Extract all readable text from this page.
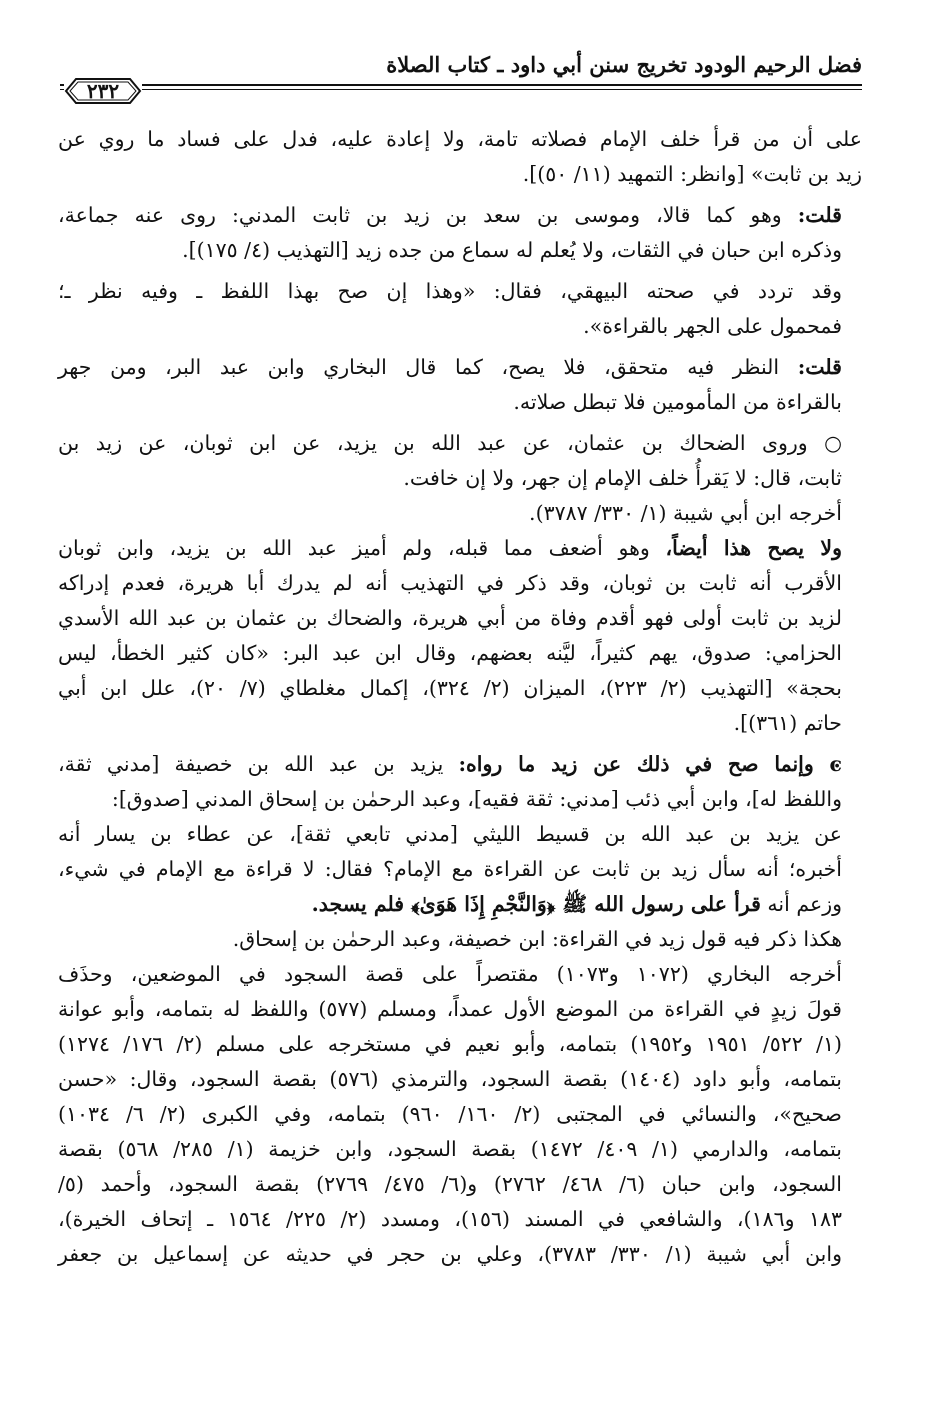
فضل الرحيم الودود تخريج سنن أبي داود ـ كتاب الصلاة
٢٣٢
على أن من قرأ خلف الإمام فصلاته تامة، ولا إعادة عليه، فدل على فساد ما روي عن
زيد بن ثابت» [وانظر: التمهيد (١١/ ٥٠)].
قلت: وهو كما قالا، وموسى بن سعد بن زيد بن ثابت المدني: روى عنه جماعة،
وذكره ابن حبان في الثقات، ولا يُعلم له سماع من جده زيد [التهذيب (٤/ ١٧٥)].
وقد تردد في صحته البيهقي، فقال: «وهذا إن صح بهذا اللفظ ـ وفيه نظر ـ؛
فمحمول على الجهر بالقراءة».
قلت: النظر فيه متحقق، فلا يصح، كما قال البخاري وابن عبد البر، ومن جهر
بالقراءة من المأمومين فلا تبطل صلاته.
○ وروى الضحاك بن عثمان، عن عبد الله بن يزيد، عن ابن ثوبان، عن زيد بن
ثابت، قال: لا يَقرأُ خلف الإمام إن جهر، ولا إن خافت.
أخرجه ابن أبي شيبة (١/ ٣٣٠/ ٣٧٨٧).
ولا يصح هذا أيضاً، وهو أضعف مما قبله، ولم أميز عبد الله بن يزيد، وابن ثوبان
الأقرب أنه ثابت بن ثوبان، وقد ذكر في التهذيب أنه لم يدرك أبا هريرة، فعدم إدراكه
لزيد بن ثابت أولى فهو أقدم وفاة من أبي هريرة، والضحاك بن عثمان بن عبد الله الأسدي
الحزامي: صدوق، يهم كثيراً، ليَّنه بعضهم، وقال ابن عبد البر: «كان كثير الخطأ، ليس
بحجة» [التهذيب (٢/ ٢٢٣)، الميزان (٢/ ٣٢٤)، إكمال مغلطاي (٧/ ٢٠)، علل ابن أبي
حاتم (٣٦١)].
ͼ وإنما صح في ذلك عن زيد ما رواه: يزيد بن عبد الله بن خصيفة [مدني ثقة،
واللفظ له]، وابن أبي ذئب [مدني: ثقة فقيه]، وعبد الرحمٰن بن إسحاق المدني [صدوق]:
عن يزيد بن عبد الله بن قسيط الليثي [مدني تابعي ثقة]، عن عطاء بن يسار أنه
أخبره؛ أنه سأل زيد بن ثابت عن القراءة مع الإمام؟ فقال: لا قراءة مع الإمام في شيء،
وزعم أنه قرأ على رسول الله ﷺ ﴿وَالنَّجْمِ إِذَا هَوَىٰ﴾ فلم يسجد.
هكذا ذكر فيه قول زيد في القراءة: ابن خصيفة، وعبد الرحمٰن بن إسحاق.
أخرجه البخاري (١٠٧٢ و١٠٧٣) مقتصراً على قصة السجود في الموضعين، وحذَف
قولَ زيدٍ في القراءة من الموضع الأول عمداً، ومسلم (٥٧٧) واللفظ له بتمامه، وأبو عوانة
(١/ ٥٢٢/ ١٩٥١ و١٩٥٢) بتمامه، وأبو نعيم في مستخرجه على مسلم (٢/ ١٧٦/ ١٢٧٤)
بتمامه، وأبو داود (١٤٠٤) بقصة السجود، والترمذي (٥٧٦) بقصة السجود، وقال: «حسن
صحيح»، والنسائي في المجتبى (٢/ ١٦٠/ ٩٦٠) بتمامه، وفي الكبرى (٢/ ٦/ ١٠٣٤)
بتمامه، والدارمي (١/ ٤٠٩/ ١٤٧٢) بقصة السجود، وابن خزيمة (١/ ٢٨٥/ ٥٦٨) بقصة
السجود، وابن حبان (٦/ ٤٦٨/ ٢٧٦٢) و(٦/ ٤٧٥/ ٢٧٦٩) بقصة السجود، وأحمد (٥/
١٨٣ و١٨٦)، والشافعي في المسند (١٥٦)، ومسدد (٢/ ٢٢٥/ ١٥٦٤ ـ إتحاف الخيرة)،
وابن أبي شيبة (١/ ٣٣٠/ ٣٧٨٣)، وعلي بن حجر في حديثه عن إسماعيل بن جعفر
